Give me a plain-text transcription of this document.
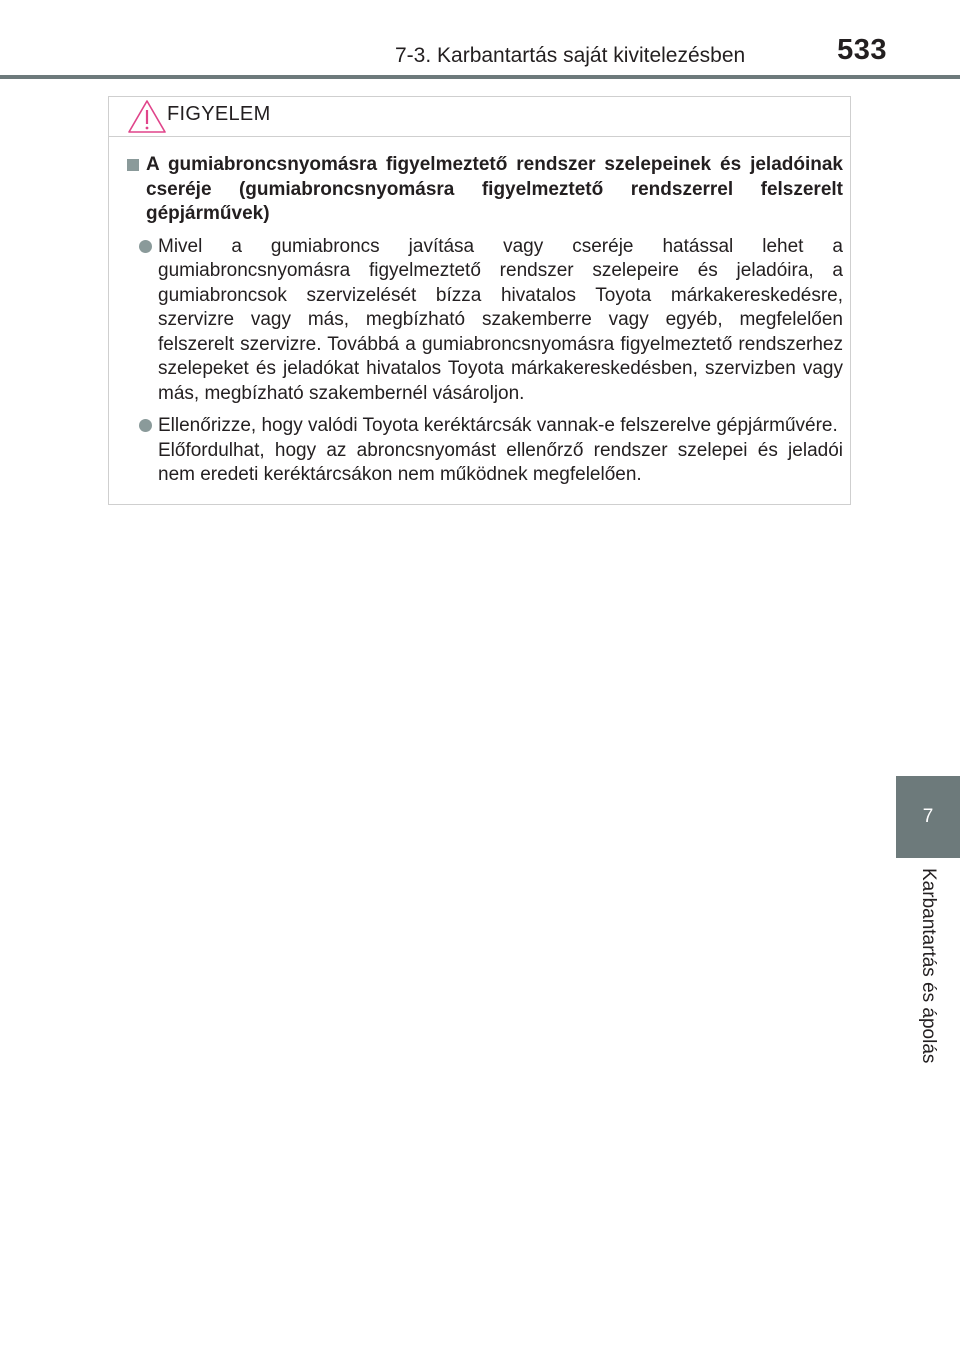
7-3. Karbantartás saját kivitelezésben	533
FIGYELEM
A gumiabroncsnyomásra figyelmeztető rendszer szelepeinek és jeladóinak cseréje (gumiabroncsnyomásra figyelmeztető rendszerrel felszerelt gépjárművek)

Mivel a gumiabroncs javítása vagy cseréje hatással lehet a gumiabroncsnyomásra figyelmeztető rendszer szelepeire és jeladóira, a gumiabroncsok szervizelését bízza hivatalos Toyota márkakereskedésre, szervizre vagy más, megbízható szakemberre vagy egyéb, megfelelően felszerelt szervizre. Továbbá a gumiabroncsnyomásra figyelmeztető rendszerhez szelepeket és jeladókat hivatalos Toyota márkakereskedésben, szervizben vagy más, megbízható szakembernél vásároljon.

Ellenőrizze, hogy valódi Toyota keréktárcsák vannak-e felszerelve gépjárművére.

Előfordulhat, hogy az abroncsnyomást ellenőrző rendszer szelepei és jeladói nem eredeti keréktárcsákon nem működnek megfelelően.

7
Karbantartás és ápolás
